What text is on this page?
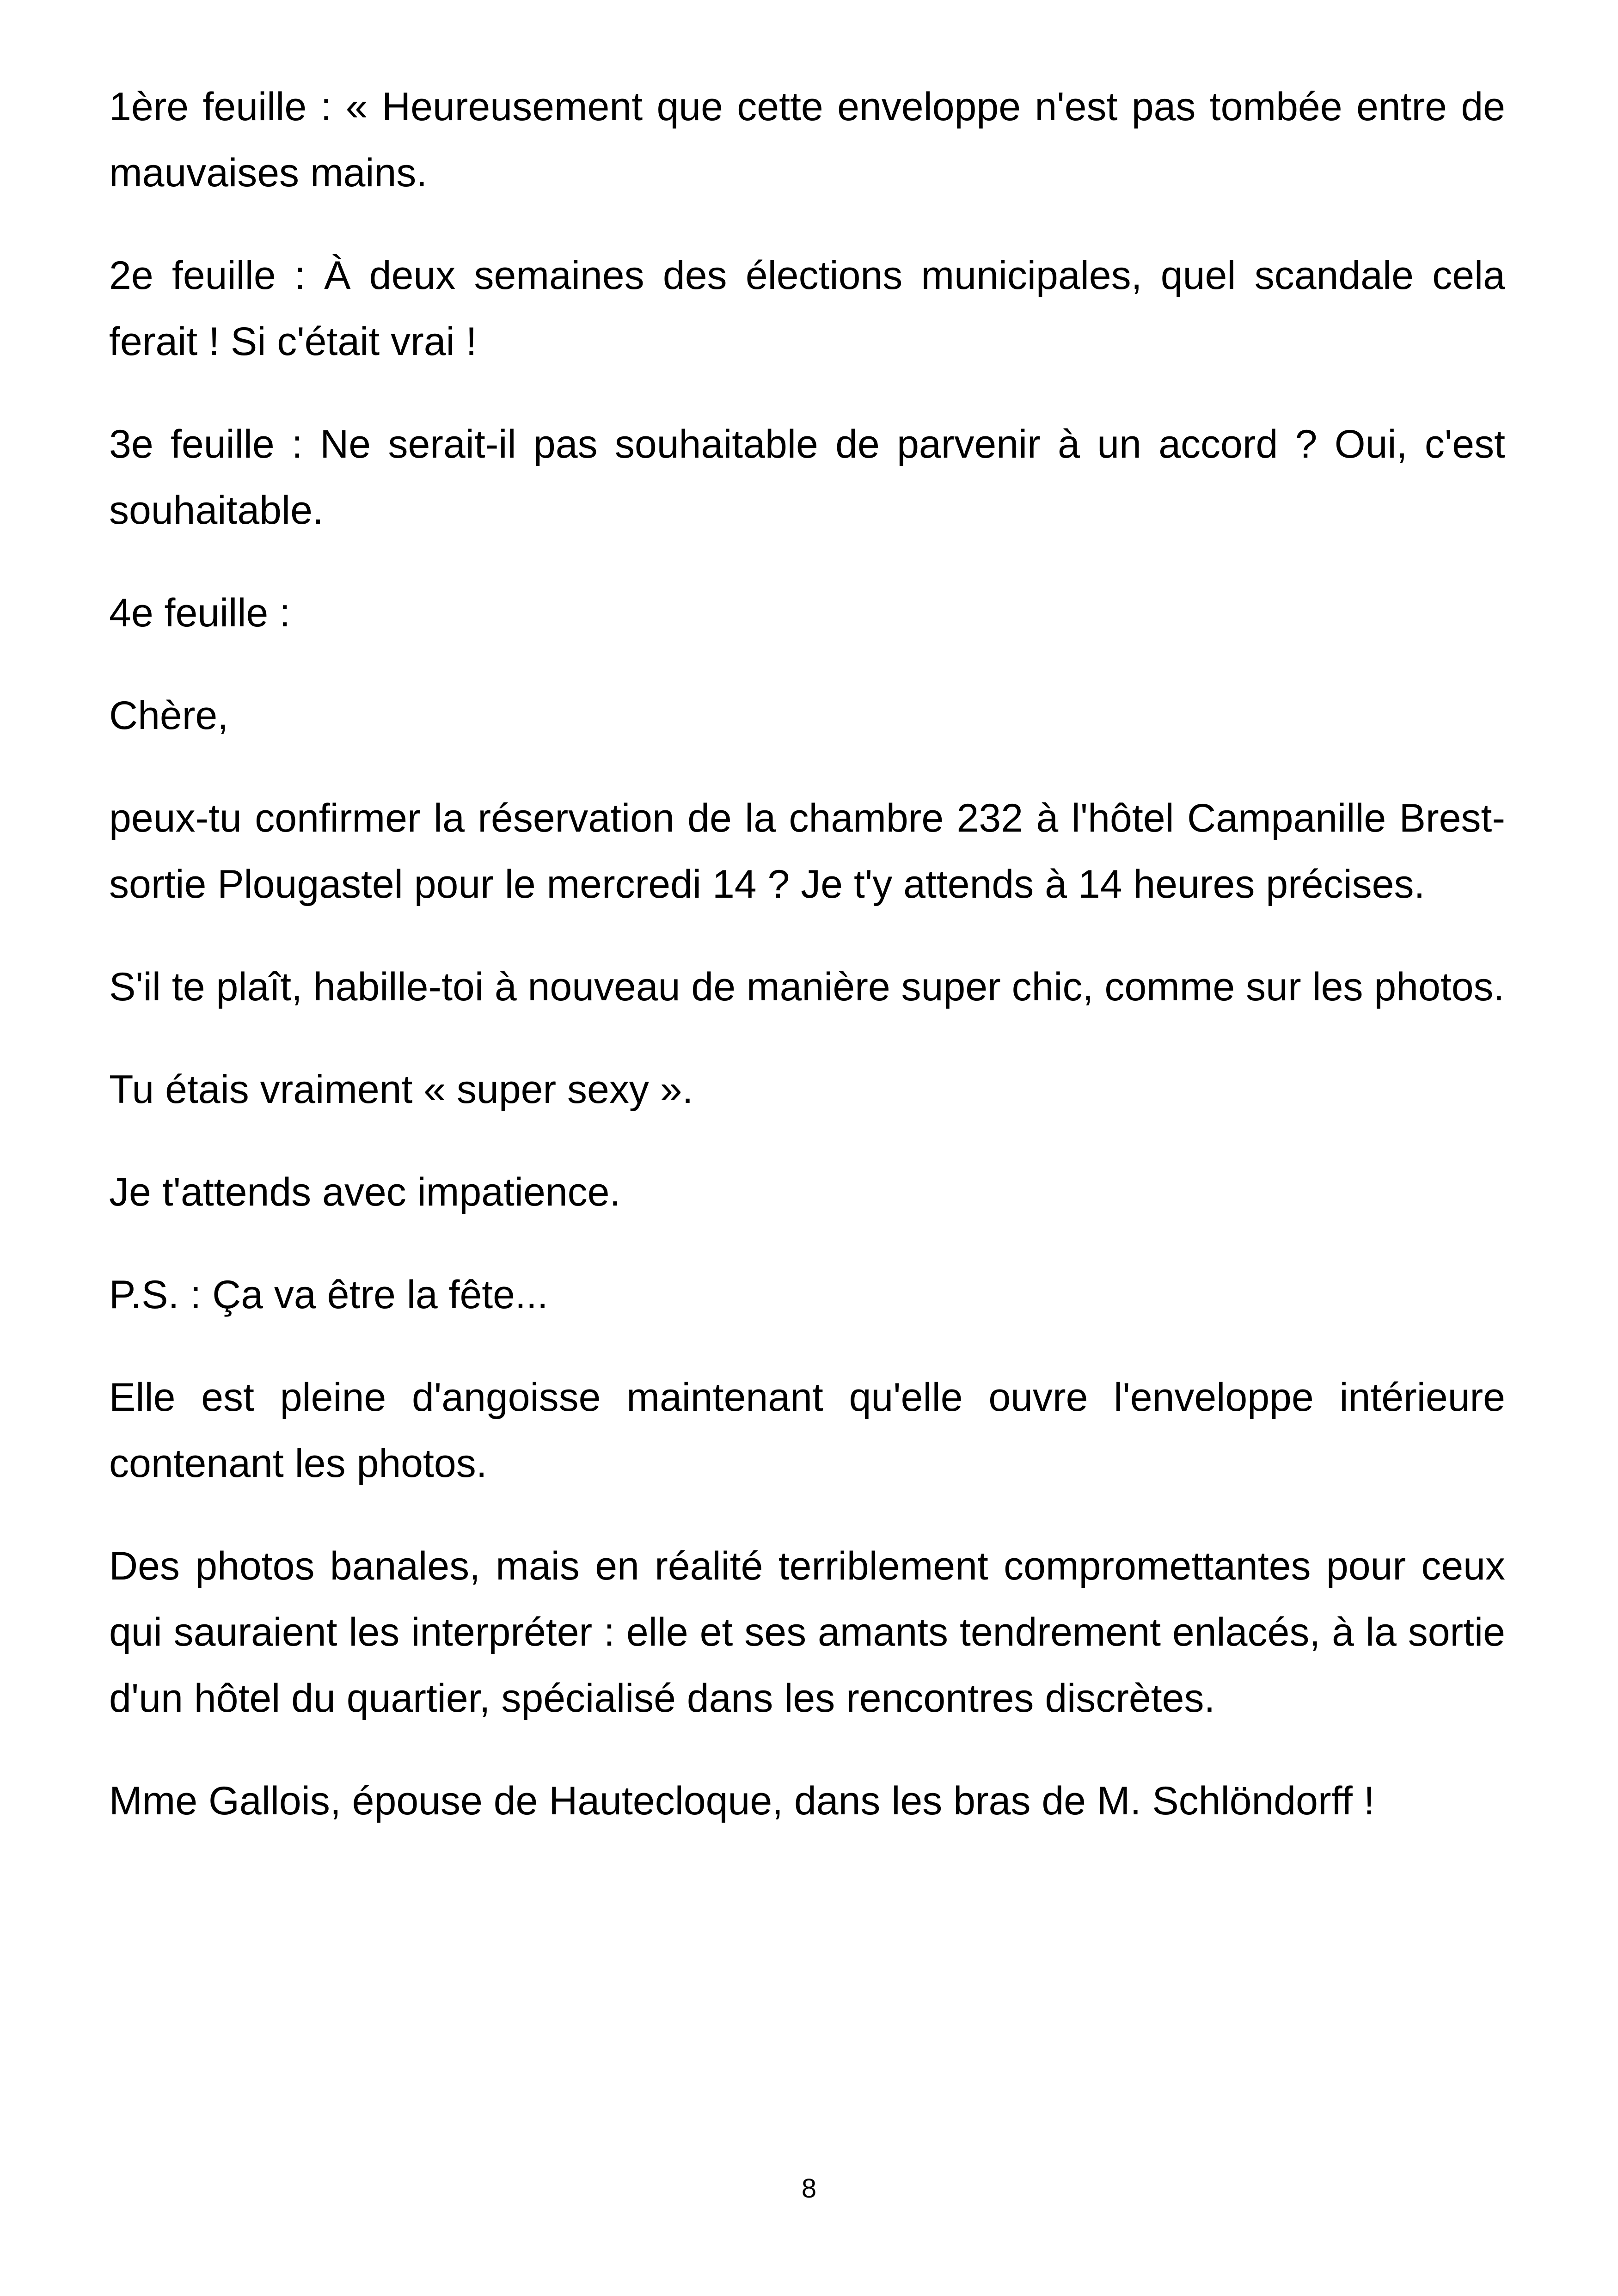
1ère feuille : « Heureusement que cette enveloppe n'est pas tombée entre de mauvaises mains.

2e feuille : À deux semaines des élections municipales, quel scandale cela ferait ! Si c'était vrai !

3e feuille : Ne serait-il pas souhaitable de parvenir à un accord ? Oui, c'est souhaitable.

4e feuille :

Chère,

peux-tu confirmer la réservation de la chambre 232 à l'hôtel Campanille Brest-sortie Plougastel pour le mercredi 14 ? Je t'y attends à 14 heures précises.

S'il te plaît, habille-toi à nouveau de manière super chic, comme sur les photos.

Tu étais vraiment « super sexy ».

Je t'attends avec impatience.

P.S. : Ça va être la fête...

Elle est pleine d'angoisse maintenant qu'elle ouvre l'enveloppe intérieure contenant les photos.

Des photos banales, mais en réalité terriblement compromettantes pour ceux qui sauraient les interpréter : elle et ses amants tendrement enlacés, à la sortie d'un hôtel du quartier, spécialisé dans les rencontres discrètes.

Mme Gallois, épouse de Hautecloque, dans les bras de M. Schlöndorff !

8
